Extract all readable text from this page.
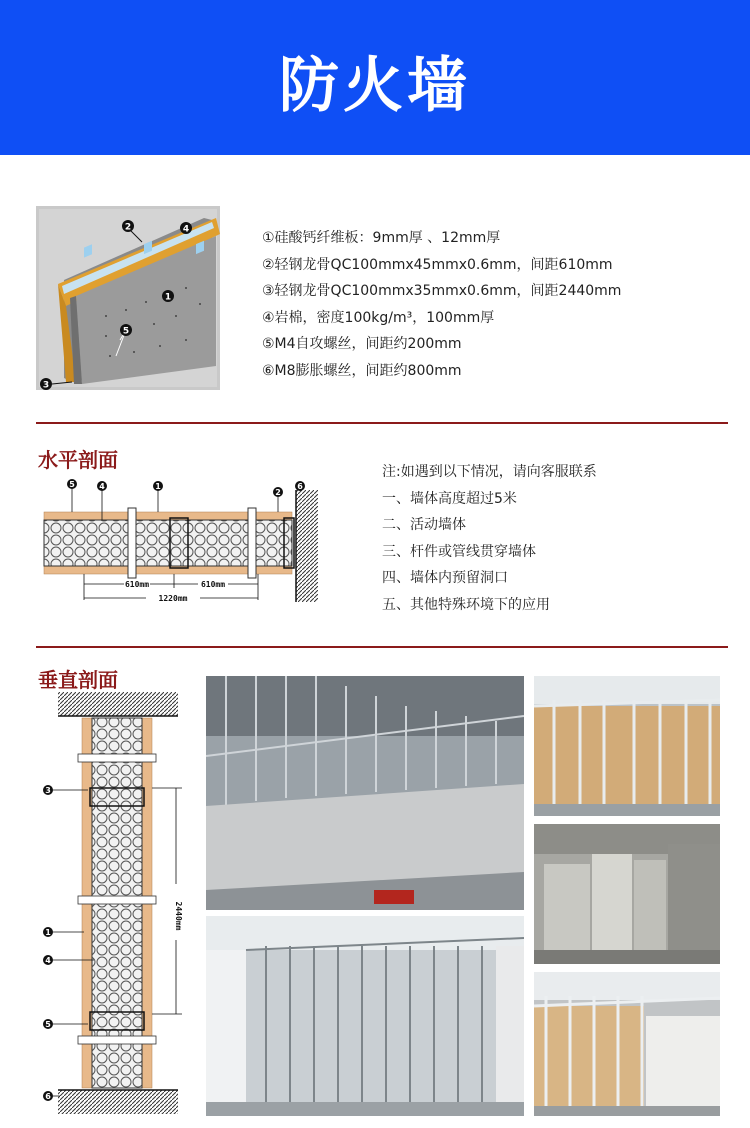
防火墙
2	4
1
5
3
①硅酸钙纤维板：9mm厚 、12mm厚
②轻钢龙骨QC100mmx45mmx0.6mm，间距610mm
③轻钢龙骨QC100mmx35mmx0.6mm，间距2440mm
④岩棉，密度100kg/m³，100mm厚
⑤M4自攻螺丝，间距约200mm
⑥M8膨胀螺丝，间距约800mm
水平剖面
5	4	1
2
6
610mm	610mm
1220mm
注:如遇到以下情况，请向客服联系
一、墙体高度超过5米
二、活动墙体
三、杆件或管线贯穿墙体
四、墙体内预留洞口
五、其他特殊环境下的应用
垂直剖面
2440mm
3
1
4
5
6
